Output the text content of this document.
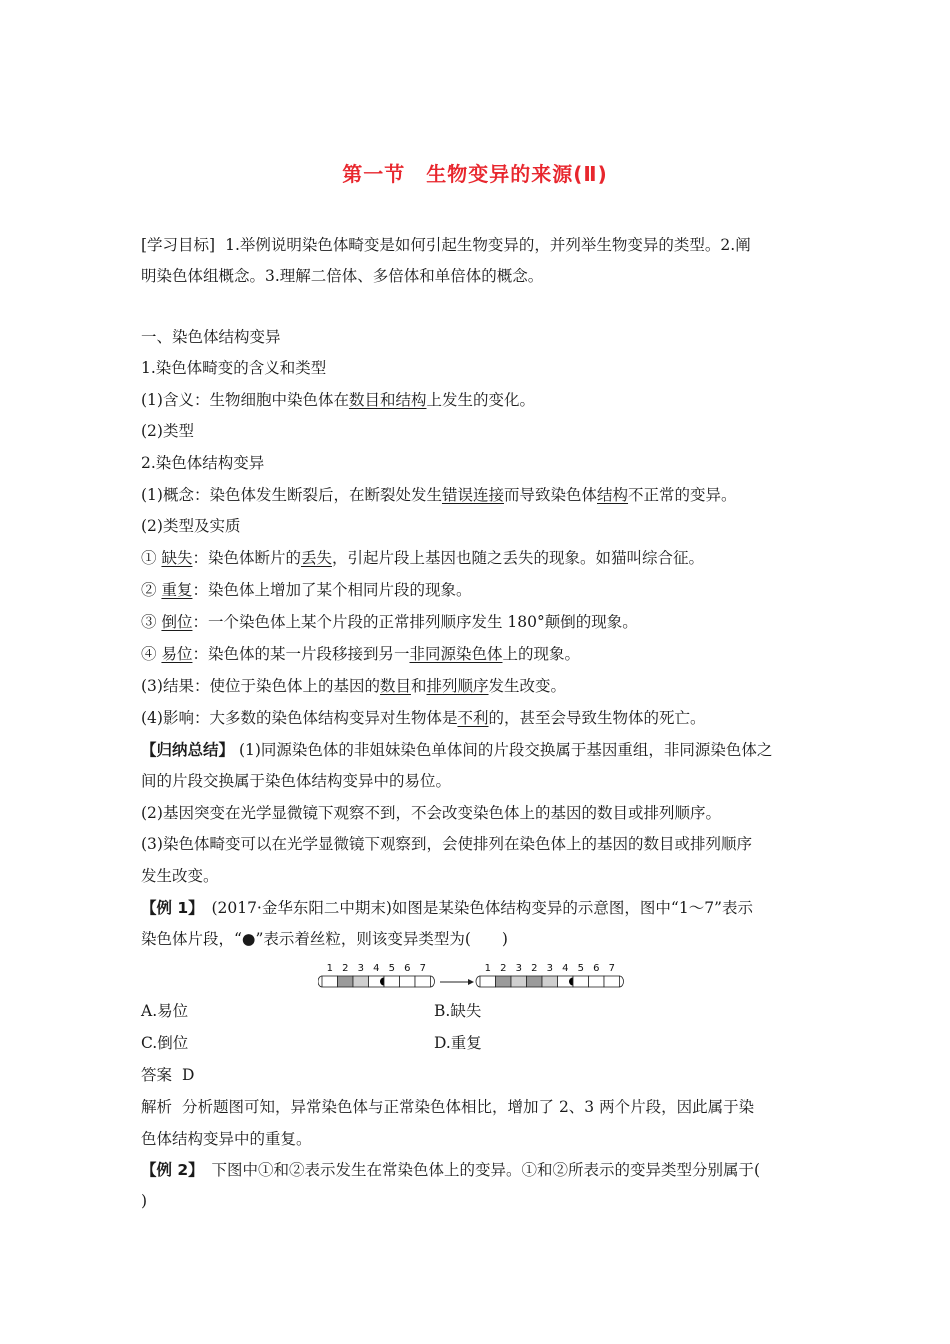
第一节　生物变异的来源(Ⅱ)
[学习目标] 1.举例说明染色体畸变是如何引起生物变异的，并列举生物变异的类型。2.阐
明染色体组概念。3.理解二倍体、多倍体和单倍体的概念。
一、染色体结构变异
1.染色体畸变的含义和类型
(1)含义：生物细胞中染色体在数目和结构上发生的变化。
(2)类型
2.染色体结构变异
(1)概念：染色体发生断裂后，在断裂处发生错误连接而导致染色体结构不正常的变异。
(2)类型及实质
① 缺失：染色体断片的丢失，引起片段上基因也随之丢失的现象。如猫叫综合征。
② 重复：染色体上增加了某个相同片段的现象。
③ 倒位：一个染色体上某个片段的正常排列顺序发生 180°颠倒的现象。
④ 易位：染色体的某一片段移接到另一非同源染色体上的现象。
(3)结果：使位于染色体上的基因的数目和排列顺序发生改变。
(4)影响：大多数的染色体结构变异对生物体是不利的，甚至会导致生物体的死亡。
【归纳总结】 (1)同源染色体的非姐妹染色单体间的片段交换属于基因重组，非同源染色体之
间的片段交换属于染色体结构变异中的易位。
(2)基因突变在光学显微镜下观察不到，不会改变染色体上的基因的数目或排列顺序。
(3)染色体畸变可以在光学显微镜下观察到，会使排列在染色体上的基因的数目或排列顺序
发生改变。
【例 1】　(2017·金华东阳二中期末)如图是某染色体结构变异的示意图，图中“1～7”表示
染色体片段，“●”表示着丝粒，则该变异类型为(　　)
1 2 3 4 5 6 7	1 2 3 2 3 4 5 6 7
A.易位	B.缺失
C.倒位	D.重复
答案 D
解析 分析题图可知，异常染色体与正常染色体相比，增加了 2、3 两个片段，因此属于染
色体结构变异中的重复。
【例 2】　下图中①和②表示发生在常染色体上的变异。①和②所表示的变异类型分别属于(
)
